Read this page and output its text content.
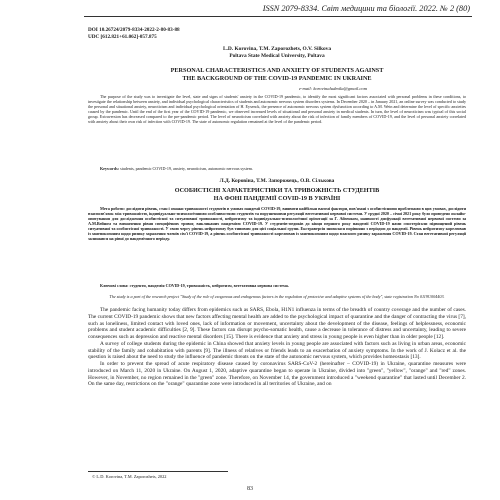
ISSN 2079-8334. Світ медицини та біології. 2022. № 2 (80)
DOI 10.26724/2079-8334-2022-2-80-83-88
UDC [612.821+61.062]-057.875
L.D. Korovina, T.M. Zaporozhets, O.V. Silkova
Poltava State Medical University, Poltava
PERSONAL CHARACTERISTICS AND ANXIETY OF STUDENTS AGAINST
THE BACKGROUND OF THE COVID-19 PANDEMIC IN UKRAINE
e-mail: korovinaludmila@gmail.com
The purpose of the study was to investigate the level, state and signs of students' anxiety in the COVID-19 pandemic, to identify the most significant factors associated with personal problems in these conditions, to investigate the relationship between anxiety, and individual psychological characteristics of students and autonomic nervous system disorders systems. In December 2020 – in January 2021, an online survey was conducted to study the personal and situational anxiety, neuroticism and individual psychological orientation of H. Eysenck, the presence of autonomic nervous system dysfunction according to A.M. Wein and determine the level of specific anxieties caused by the pandemic. Until the end of the first year of the COVID-19 pandemic, we observed increased levels of situational and personal anxiety in medical students. In turn, the level of neuroticism was typical of this social group. Extraversion has decreased compared to the pre-pandemic period. The level of neuroticism correlated with anxiety about the risk of infection of family members of COVID-19, and the level of personal anxiety correlated with anxiety about their own risk of infection with COVID-19. The state of autonomic regulation remained at the level of the pandemic period.
Keywords: students, pandemic COVID-19, anxiety, neuroticism, autonomic nervous system.
Л.Д. Коровіна, Т.М. Запорожець, О.В. Сількова
ОСОБИСТІСНІ ХАРАКТЕРИСТИКИ ТА ТРИВОЖНІСТЬ СТУДЕНТІВ
НА ФОНІ ПАНДЕМІЇ COVID-19 В УКРАЇНІ
Мета роботи: дослідити рівень, стан і ознаки тривожності студентів в умовах пандемії COVID-19, виявити найбільш вагомі фактори, пов'язані з особистісними проблемами в цих умовах, дослідити взаємозв'язок між тривожністю, індивідуально-психологічними особливостями студентів та порушеннями регуляції вегетативної нервової системи. У грудні 2020 – січні 2021 року було проведено онлайн-опитування для дослідження особистісної та ситуативної тривожності, нейротизму та індивідуально-психологічної орієнтації за Г. Айзенком, наявності дисфункції вегетативної нервової системи за А.М.Вейном та визначення рівня специфічних тривог, викликаних пандемією COVID-19. У студентів-медиків до кінця першого року пандемії COVID-19 нами спостерігали підвищений рівень ситуативної та особистісної тривожності. У свою чергу рівень нейротизму був типовим для цієї соціальної групи. Екстраверсія знизилася порівняно з періодом до пандемії. Рівень нейротизму корелював із занепокоєнням щодо ризику зараження членів сім'ї COVID-19, а рівень особистісної тривожності корелював із занепокоєнням щодо власного ризику зараження COVID-19. Стан вегетативної регуляції залишався на рівні до пандемічного періоду.
Ключові слова: студенти, пандемія COVID-19, тривожність, нейротизм, вегетативна нервова система.
The study is a part of the research project "Study of the role of exogenous and endogenous factors in the regulation of protective and adaptive systems of the body", state registration No 0119U004403.

The pandemic facing humanity today differs from epidemics such as SARS, Ebola, H1N1 influenza in terms of the breadth of country coverage and the number of cases. The current COVID-19 pandemic shows that new factors affecting mental health are added to the psychological impact of quarantine and the danger of contracting the virus [7], such as loneliness, limited contact with loved ones, lack of information or movement, uncertainty about the development of the disease, feelings of helplessness, economic problems and student academic difficulties [2, 9]. These factors can disrupt psycho-somatic health, cause a decrease in tolerance of distress and uncertainty, leading to severe consequences such as depression and reactive mental disorders [15]. There is evidence that anxiety and stress in young people is even higher than in older people [12].

A survey of college students during the epidemic in China showed that anxiety levels in young people are associated with factors such as living in urban areas, economic stability of the family and cohabitation with parents [9]. The illness of relatives or friends leads to an exacerbation of anxiety symptoms. In the work of J. Kolacz et al. the question is raised about the need to study the influence of pandemic threats on the state of the autonomic nervous system, which provides homeostasis [13].

In order to prevent the spread of acute respiratory disease caused by coronavirus SARS-CoV-2 (hereinafter – COVID-19) in Ukraine, quarantine measures were introduced on March 11, 2020 in Ukraine. On August 1, 2020, adaptive quarantine began to operate in Ukraine, divided into "green", "yellow", "orange" and "red" zones. However, in November, no region remained in the "green" zone. Therefore, on November 14, the government introduced a "weekend quarantine" that lasted until December 2. On the same day, restrictions on the "orange" quarantine zone were introduced in all territories of Ukraine, and on

© L.D. Korovina, T.M. Zaporozhets, 2022
83
